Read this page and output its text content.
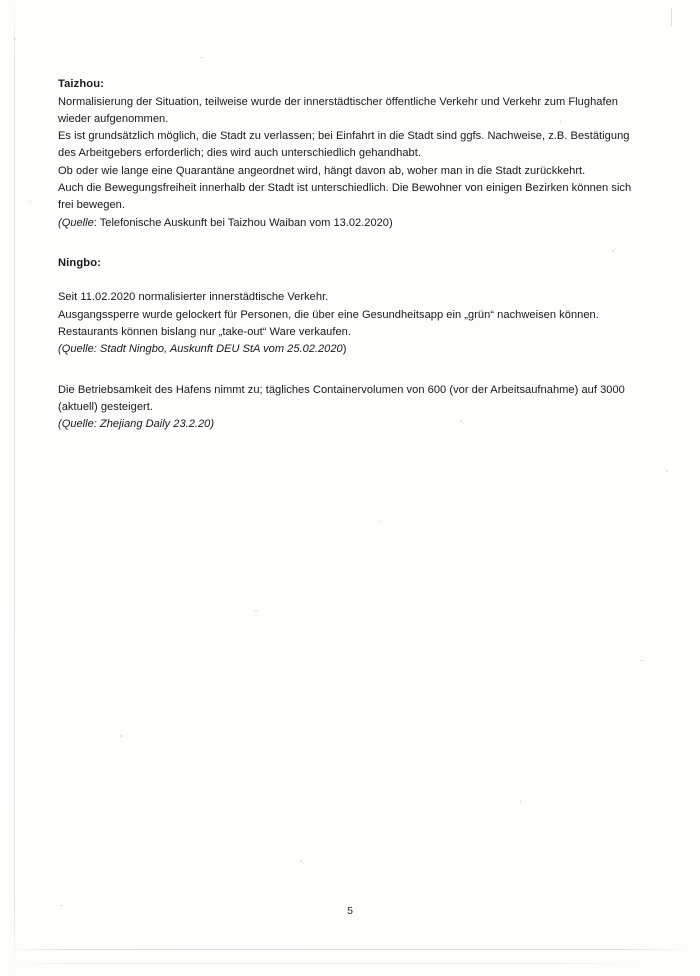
Taizhou:

Normalisierung der Situation, teilweise wurde der innerstädtischer öffentliche Verkehr und Verkehr zum Flughafen wieder aufgenommen.

Es ist grundsätzlich möglich, die Stadt zu verlassen; bei Einfahrt in die Stadt sind ggfs. Nachweise, z.B. Bestätigung des Arbeitgebers erforderlich; dies wird auch unterschiedlich gehandhabt.

Ob oder wie lange eine Quarantäne angeordnet wird, hängt davon ab, woher man in die Stadt zurückkehrt.

Auch die Bewegungsfreiheit innerhalb der Stadt ist unterschiedlich. Die Bewohner von einigen Bezirken können sich frei bewegen.

(Quelle: Telefonische Auskunft bei Taizhou Waiban vom 13.02.2020)

Ningbo:

Seit 11.02.2020 normalisierter innerstädtische Verkehr.

Ausgangssperre wurde gelockert für Personen, die über eine Gesundheitsapp ein „grün“ nachweisen können.

Restaurants können bislang nur „take-out“ Ware verkaufen.

(Quelle: Stadt Ningbo, Auskunft DEU StA vom 25.02.2020)

Die Betriebsamkeit des Hafens nimmt zu; tägliches Containervolumen von 600 (vor der Arbeitsaufnahme) auf 3000 (aktuell) gesteigert.

(Quelle: Zhejiang Daily 23.2.20)

5
